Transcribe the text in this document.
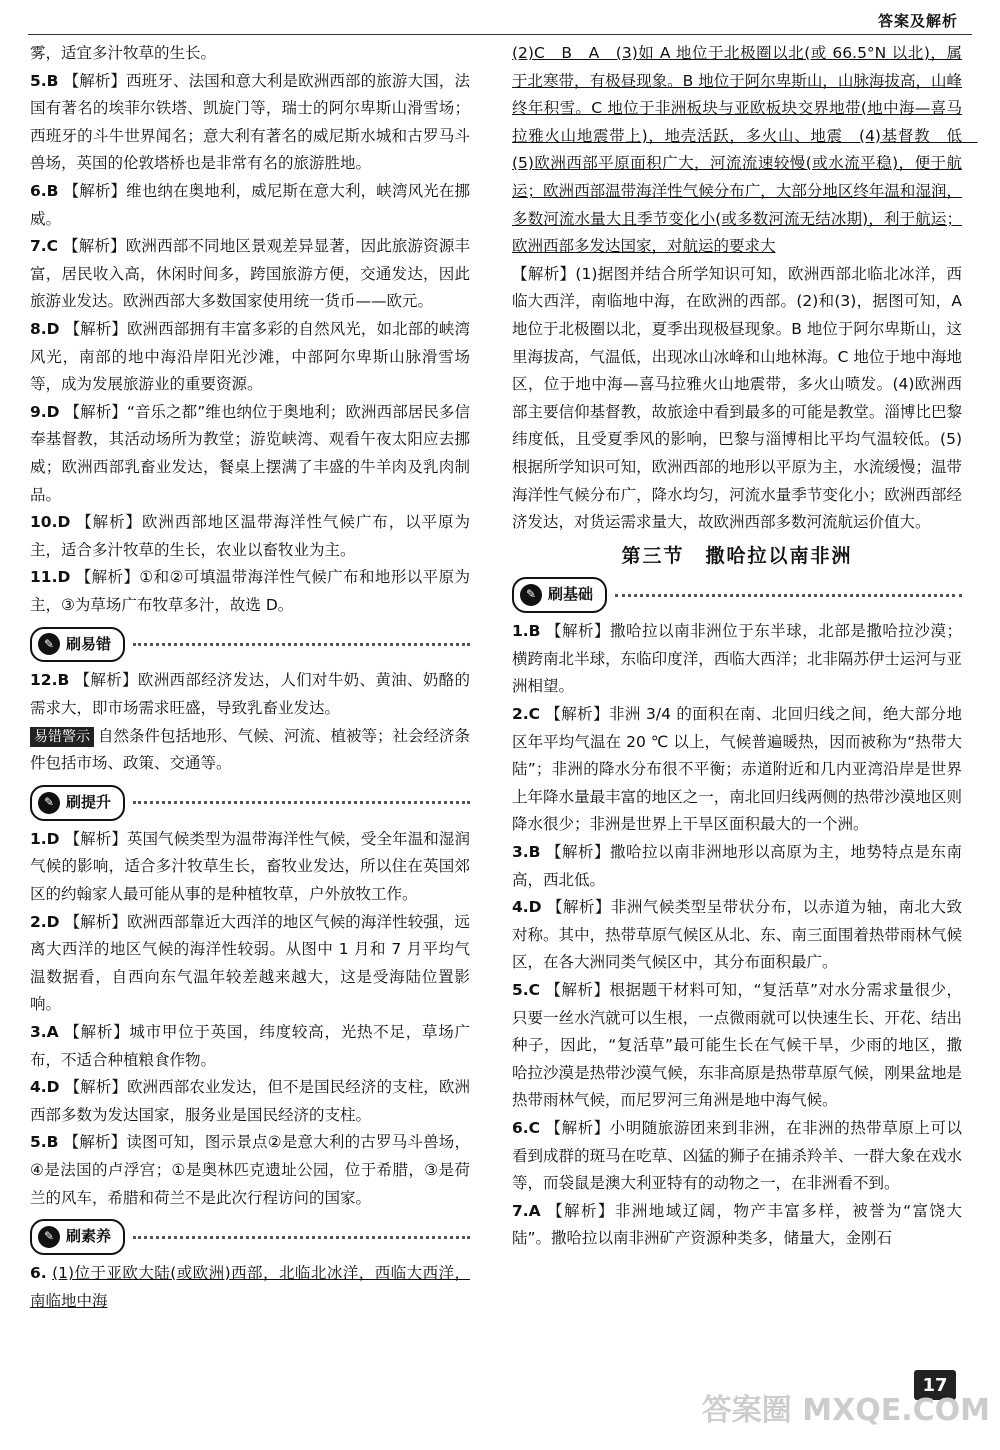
答案及解析

雾，适宜多汁牧草的生长。

5.B 【解析】西班牙、法国和意大利是欧洲西部的旅游大国，法国有著名的埃菲尔铁塔、凯旋门等，瑞士的阿尔卑斯山滑雪场；西班牙的斗牛世界闻名；意大利有著名的威尼斯水城和古罗马斗兽场，英国的伦敦塔桥也是非常有名的旅游胜地。

6.B 【解析】维也纳在奥地利，威尼斯在意大利，峡湾风光在挪威。

7.C 【解析】欧洲西部不同地区景观差异显著，因此旅游资源丰富，居民收入高，休闲时间多，跨国旅游方便，交通发达，因此旅游业发达。欧洲西部大多数国家使用统一货币——欧元。

8.D 【解析】欧洲西部拥有丰富多彩的自然风光，如北部的峡湾风光，南部的地中海沿岸阳光沙滩，中部阿尔卑斯山脉滑雪场等，成为发展旅游业的重要资源。

9.D 【解析】“音乐之都”维也纳位于奥地利；欧洲西部居民多信奉基督教，其活动场所为教堂；游览峡湾、观看午夜太阳应去挪威；欧洲西部乳畜业发达，餐桌上摆满了丰盛的牛羊肉及乳肉制品。

10.D 【解析】欧洲西部地区温带海洋性气候广布，以平原为主，适合多汁牧草的生长，农业以畜牧业为主。

11.D 【解析】①和②可填温带海洋性气候广布和地形以平原为主，③为草场广布牧草多汁，故选 D。

✎ 刷易错

12.B 【解析】欧洲西部经济发达，人们对牛奶、黄油、奶酪的需求大，即市场需求旺盛，导致乳畜业发达。

易错警示 自然条件包括地形、气候、河流、植被等；社会经济条件包括市场、政策、交通等。

✎ 刷提升

1.D 【解析】英国气候类型为温带海洋性气候，受全年温和湿润气候的影响，适合多汁牧草生长，畜牧业发达，所以住在英国郊区的约翰家人最可能从事的是种植牧草，户外放牧工作。

2.D 【解析】欧洲西部靠近大西洋的地区气候的海洋性较强，远离大西洋的地区气候的海洋性较弱。从图中 1 月和 7 月平均气温数据看，自西向东气温年较差越来越大，这是受海陆位置影响。

3.A 【解析】城市甲位于英国，纬度较高，光热不足，草场广布，不适合种植粮食作物。

4.D 【解析】欧洲西部农业发达，但不是国民经济的支柱，欧洲西部多数为发达国家，服务业是国民经济的支柱。

5.B 【解析】读图可知，图示景点②是意大利的古罗马斗兽场，④是法国的卢浮宫；①是奥林匹克遗址公园，位于希腊，③是荷兰的风车，希腊和荷兰不是此次行程访问的国家。

✎ 刷素养

6. (1)位于亚欧大陆(或欧洲)西部，北临北冰洋，西临大西洋，南临地中海

(2)C　B　A　(3)如 A 地位于北极圈以北(或 66.5°N 以北)，属于北寒带，有极昼现象。B 地位于阿尔卑斯山，山脉海拔高，山峰终年积雪。C 地位于非洲板块与亚欧板块交界地带(地中海—喜马拉雅火山地震带上)，地壳活跃，多火山、地震　(4)基督教　低　(5)欧洲西部平原面积广大，河流流速较慢(或水流平稳)，便于航运；欧洲西部温带海洋性气候分布广，大部分地区终年温和湿润，多数河流水量大且季节变化小(或多数河流无结冰期)，利于航运；欧洲西部多发达国家，对航运的要求大

【解析】(1)据图并结合所学知识可知，欧洲西部北临北冰洋，西临大西洋，南临地中海，在欧洲的西部。(2)和(3)，据图可知，A 地位于北极圈以北，夏季出现极昼现象。B 地位于阿尔卑斯山，这里海拔高，气温低，出现冰山冰峰和山地林海。C 地位于地中海地区，位于地中海—喜马拉雅火山地震带，多火山喷发。(4)欧洲西部主要信仰基督教，故旅途中看到最多的可能是教堂。淄博比巴黎纬度低，且受夏季风的影响，巴黎与淄博相比平均气温较低。(5)根据所学知识可知，欧洲西部的地形以平原为主，水流缓慢；温带海洋性气候分布广，降水均匀，河流水量季节变化小；欧洲西部经济发达，对货运需求量大，故欧洲西部多数河流航运价值大。

第三节　撒哈拉以南非洲
✎ 刷基础

1.B 【解析】撒哈拉以南非洲位于东半球，北部是撒哈拉沙漠；横跨南北半球，东临印度洋，西临大西洋；北非隔苏伊士运河与亚洲相望。

2.C 【解析】非洲 3/4 的面积在南、北回归线之间，绝大部分地区年平均气温在 20 ℃ 以上，气候普遍暖热，因而被称为“热带大陆”；非洲的降水分布很不平衡；赤道附近和几内亚湾沿岸是世界上年降水量最丰富的地区之一，南北回归线两侧的热带沙漠地区则降水很少；非洲是世界上干旱区面积最大的一个洲。

3.B 【解析】撒哈拉以南非洲地形以高原为主，地势特点是东南高，西北低。

4.D 【解析】非洲气候类型呈带状分布，以赤道为轴，南北大致对称。其中，热带草原气候区从北、东、南三面围着热带雨林气候区，在各大洲同类气候区中，其分布面积最广。

5.C 【解析】根据题干材料可知，“复活草”对水分需求量很少，只要一丝水汽就可以生根，一点微雨就可以快速生长、开花、结出种子，因此，“复活草”最可能生长在气候干旱，少雨的地区，撒哈拉沙漠是热带沙漠气候，东非高原是热带草原气候，刚果盆地是热带雨林气候，而尼罗河三角洲是地中海气候。

6.C 【解析】小明随旅游团来到非洲，在非洲的热带草原上可以看到成群的斑马在吃草、凶猛的狮子在捕杀羚羊、一群大象在戏水等，而袋鼠是澳大利亚特有的动物之一，在非洲看不到。

7.A 【解析】非洲地域辽阔，物产丰富多样，被誉为“富饶大陆”。撒哈拉以南非洲矿产资源种类多，储量大，金刚石

17
答案圈 MXQE.COM
